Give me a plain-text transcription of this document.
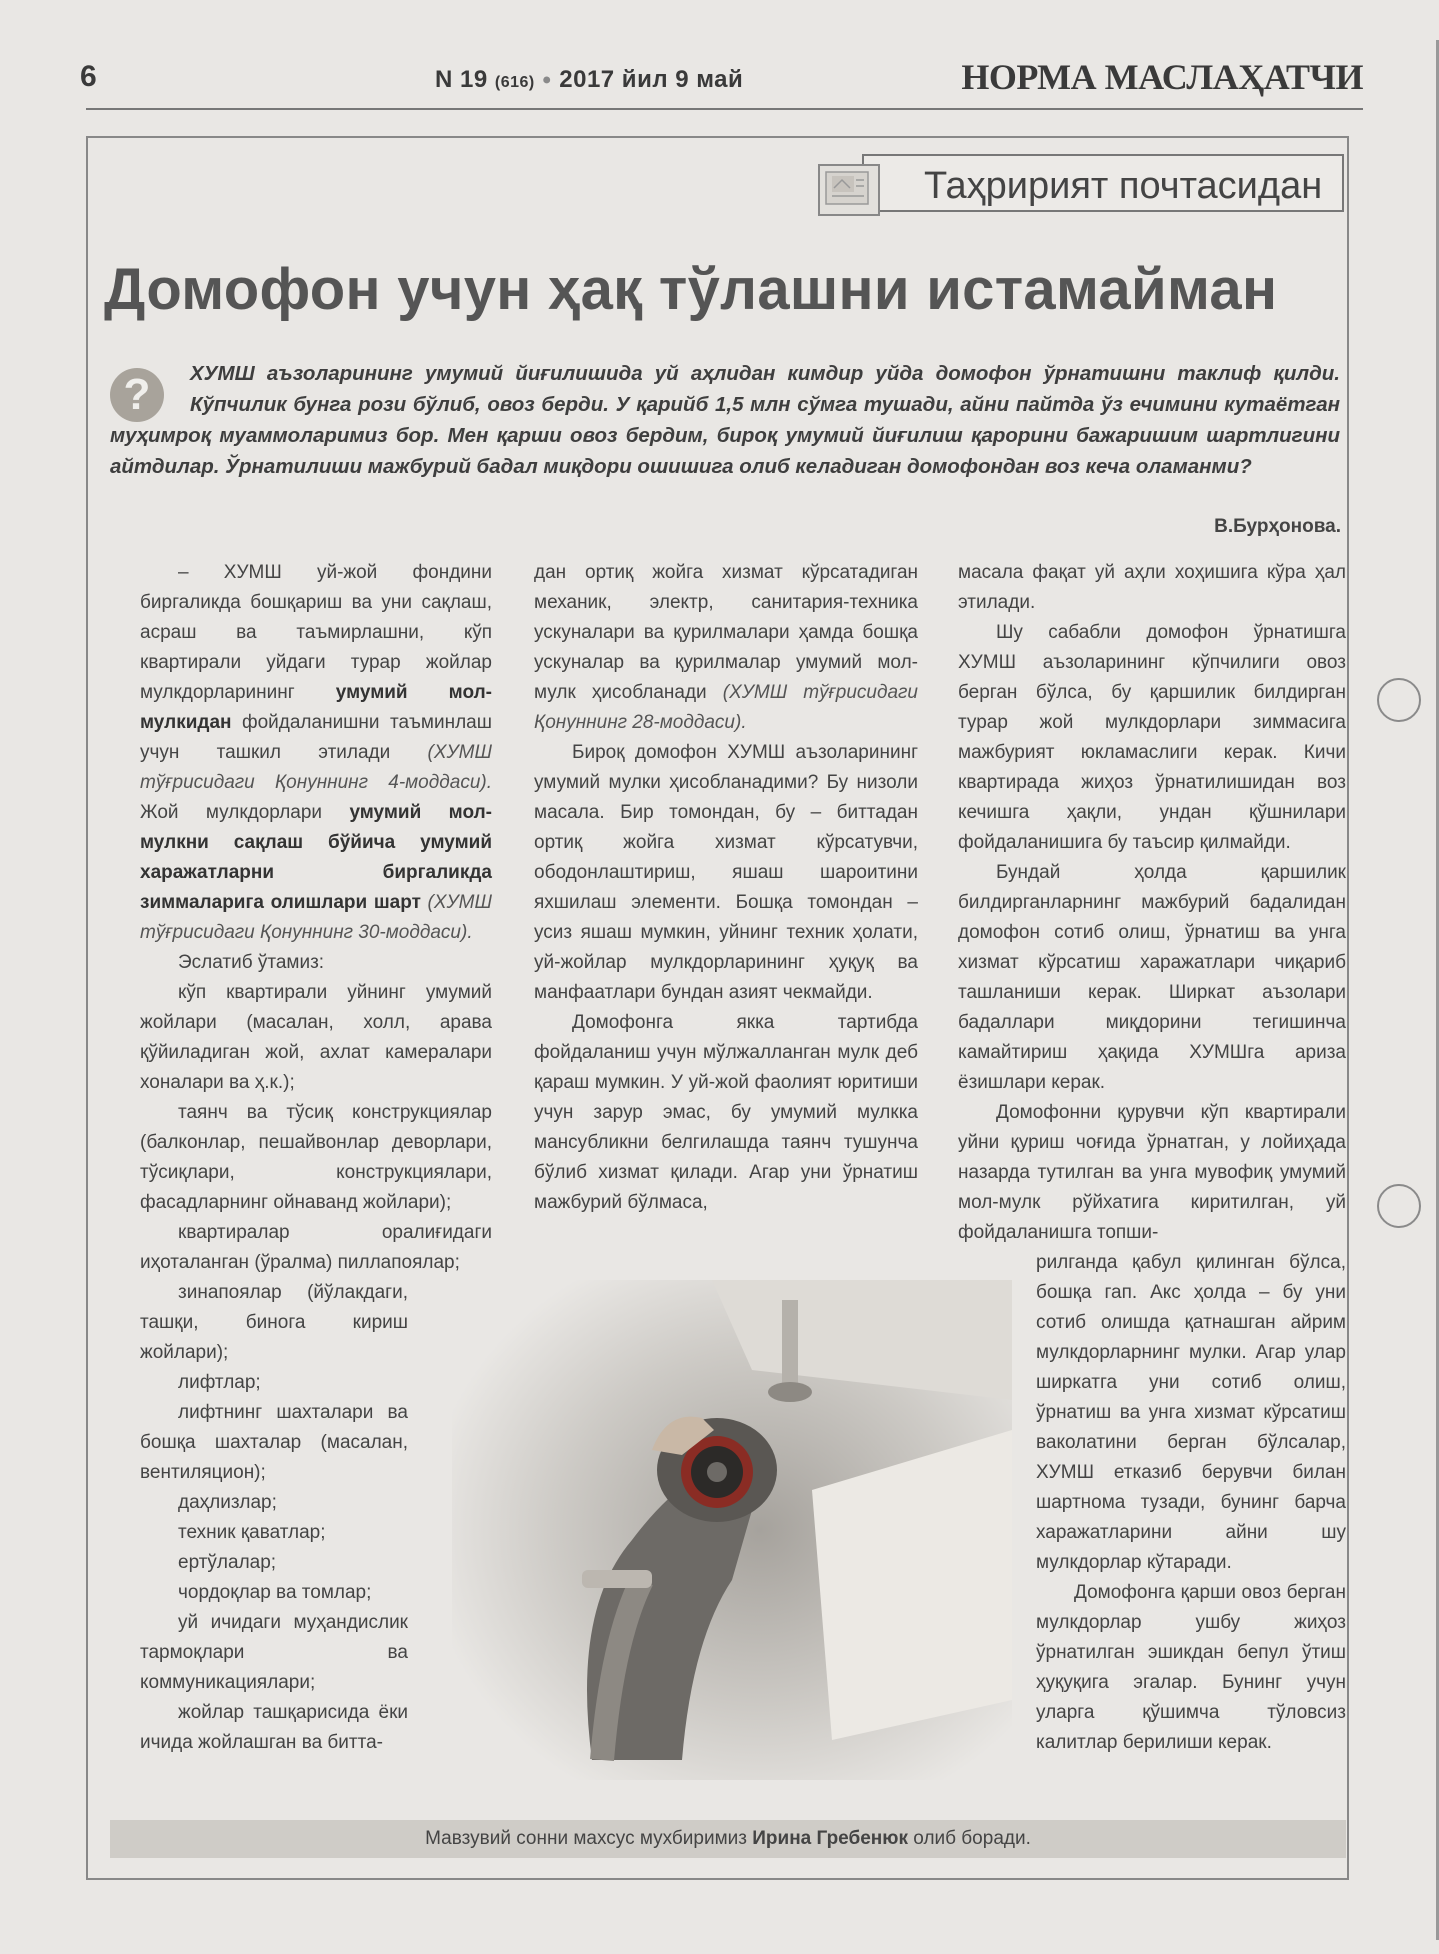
6	N 19 (616) ● 2017 йил 9 май	НОРМА МАСЛАҲАТЧИ
Таҳририят почтасидан
Домофон учун ҳақ тўлашни истамайман
?	ХУМШ аъзоларининг умумий йиғилишида уй аҳлидан кимдир уйда домофон ўрнатишни таклиф қилди. Кўпчилик бунга рози бўлиб, овоз берди. У қарийб 1,5 млн сўмга тушади, айни пайтда ўз ечимини кутаётган муҳимроқ муаммоларимиз бор. Мен қарши овоз бердим, бироқ умумий йиғилиш қарорини бажаришим шартлигини айтдилар. Ўрнатилиши мажбурий бадал миқдори ошишига олиб келадиган домофондан воз кеча оламанми?
В.Бурҳонова.

– ХУМШ уй-жой фондини биргаликда бошқариш ва уни сақлаш, асраш ва таъмирлашни, кўп квартирали уйдаги турар жойлар мулкдорларининг умумий мол-мулкидан фойдаланишни таъминлаш учун ташкил этилади (ХУМШ тўғрисидаги Қонуннинг 4-моддаси). Жой мулкдорлари умумий мол-мулкни сақлаш бўйича умумий харажатларни биргаликда зиммаларига олишлари шарт (ХУМШ тўғрисидаги Қонуннинг 30-моддаси).

Эслатиб ўтамиз:

кўп квартирали уйнинг умумий жойлари (масалан, холл, арава қўйиладиган жой, ахлат камералари хоналари ва ҳ.к.);

таянч ва тўсиқ конструкциялар (балконлар, пешайвонлар деворлари, тўсиқлари, конструкциялари, фасадларнинг ойнаванд жойлари);

квартиралар оралиғидаги иҳоталанган (ўралма) пиллапоялар;

зинапоялар (йўлакдаги, ташқи, бинога кириш жойлари);

лифтлар;

лифтнинг шахталари ва бошқа шахталар (масалан, вентиляцион);

даҳлизлар;

техник қаватлар;

ертўлалар;

чордоқлар ва томлар;

уй ичидаги муҳандислик тармоқлари ва коммуникациялари;

жойлар ташқарисида ёки ичида жойлашган ва битта-

дан ортиқ жойга хизмат кўрсатадиган механик, электр, санитария-техника ускуналари ва қурилмалари ҳамда бошқа ускуналар ва қурилмалар умумий мол-мулк ҳисобланади (ХУМШ тўғрисидаги Қонуннинг 28-моддаси).

Бироқ домофон ХУМШ аъзоларининг умумий мулки ҳисобланадими? Бу низоли масала. Бир томондан, бу – биттадан ортиқ жойга хизмат кўрсатувчи, ободонлаштириш, яшаш шароитини яхшилаш элементи. Бошқа томондан – усиз яшаш мумкин, уйнинг техник ҳолати, уй-жойлар мулкдорларининг ҳуқуқ ва манфаатлари бундан азият чекмайди.

Домофонга якка тартибда фойдаланиш учун мўлжалланган мулк деб қараш мумкин. У уй-жой фаолият юритиши учун зарур эмас, бу умумий мулкка мансубликни белгилашда таянч тушунча бўлиб хизмат қилади. Агар уни ўрнатиш мажбурий бўлмаса,

масала фақат уй аҳли хоҳишига кўра ҳал этилади.

Шу сабабли домофон ўрнатишга ХУМШ аъзоларининг кўпчилиги овоз берган бўлса, бу қаршилик билдирган турар жой мулкдорлари зиммасига мажбурият юкламаслиги керак. Кичи квартирада жиҳоз ўрнатилишидан воз кечишга ҳақли, ундан қўшнилари фойдаланишига бу таъсир қилмайди.

Бундай ҳолда қаршилик билдирганларнинг мажбурий бадалидан домофон сотиб олиш, ўрнатиш ва унга хизмат кўрсатиш харажатлари чиқариб ташланиши керак. Ширкат аъзолари бадаллари миқдорини тегишинча камайтириш ҳақида ХУМШга ариза ёзишлари керак.

Домофонни қурувчи кўп квартирали уйни қуриш чоғида ўрнатган, у лойиҳада назарда тутилган ва унга мувофиқ умумий мол-мулк рўйхатига киритилган, уй фойдаланишга топши-

рилганда қабул қилинган бўлса, бошқа гап. Акс ҳолда – бу уни сотиб олишда қатнашган айрим мулкдорларнинг мулки. Агар улар ширкатга уни сотиб олиш, ўрнатиш ва унга хизмат кўрсатиш ваколатини берган бўлсалар, ХУМШ етказиб берувчи билан шартнома тузади, бунинг барча харажатларини айни шу мулкдорлар кўтаради.

Домофонга қарши овоз берган мулкдорлар ушбу жиҳоз ўрнатилган эшикдан бепул ўтиш ҳуқуқига эгалар. Бунинг учун уларга қўшимча тўловсиз калитлар берилиши керак.

Мавзувий сонни махсус мухбиримиз Ирина Гребенюк олиб боради.
